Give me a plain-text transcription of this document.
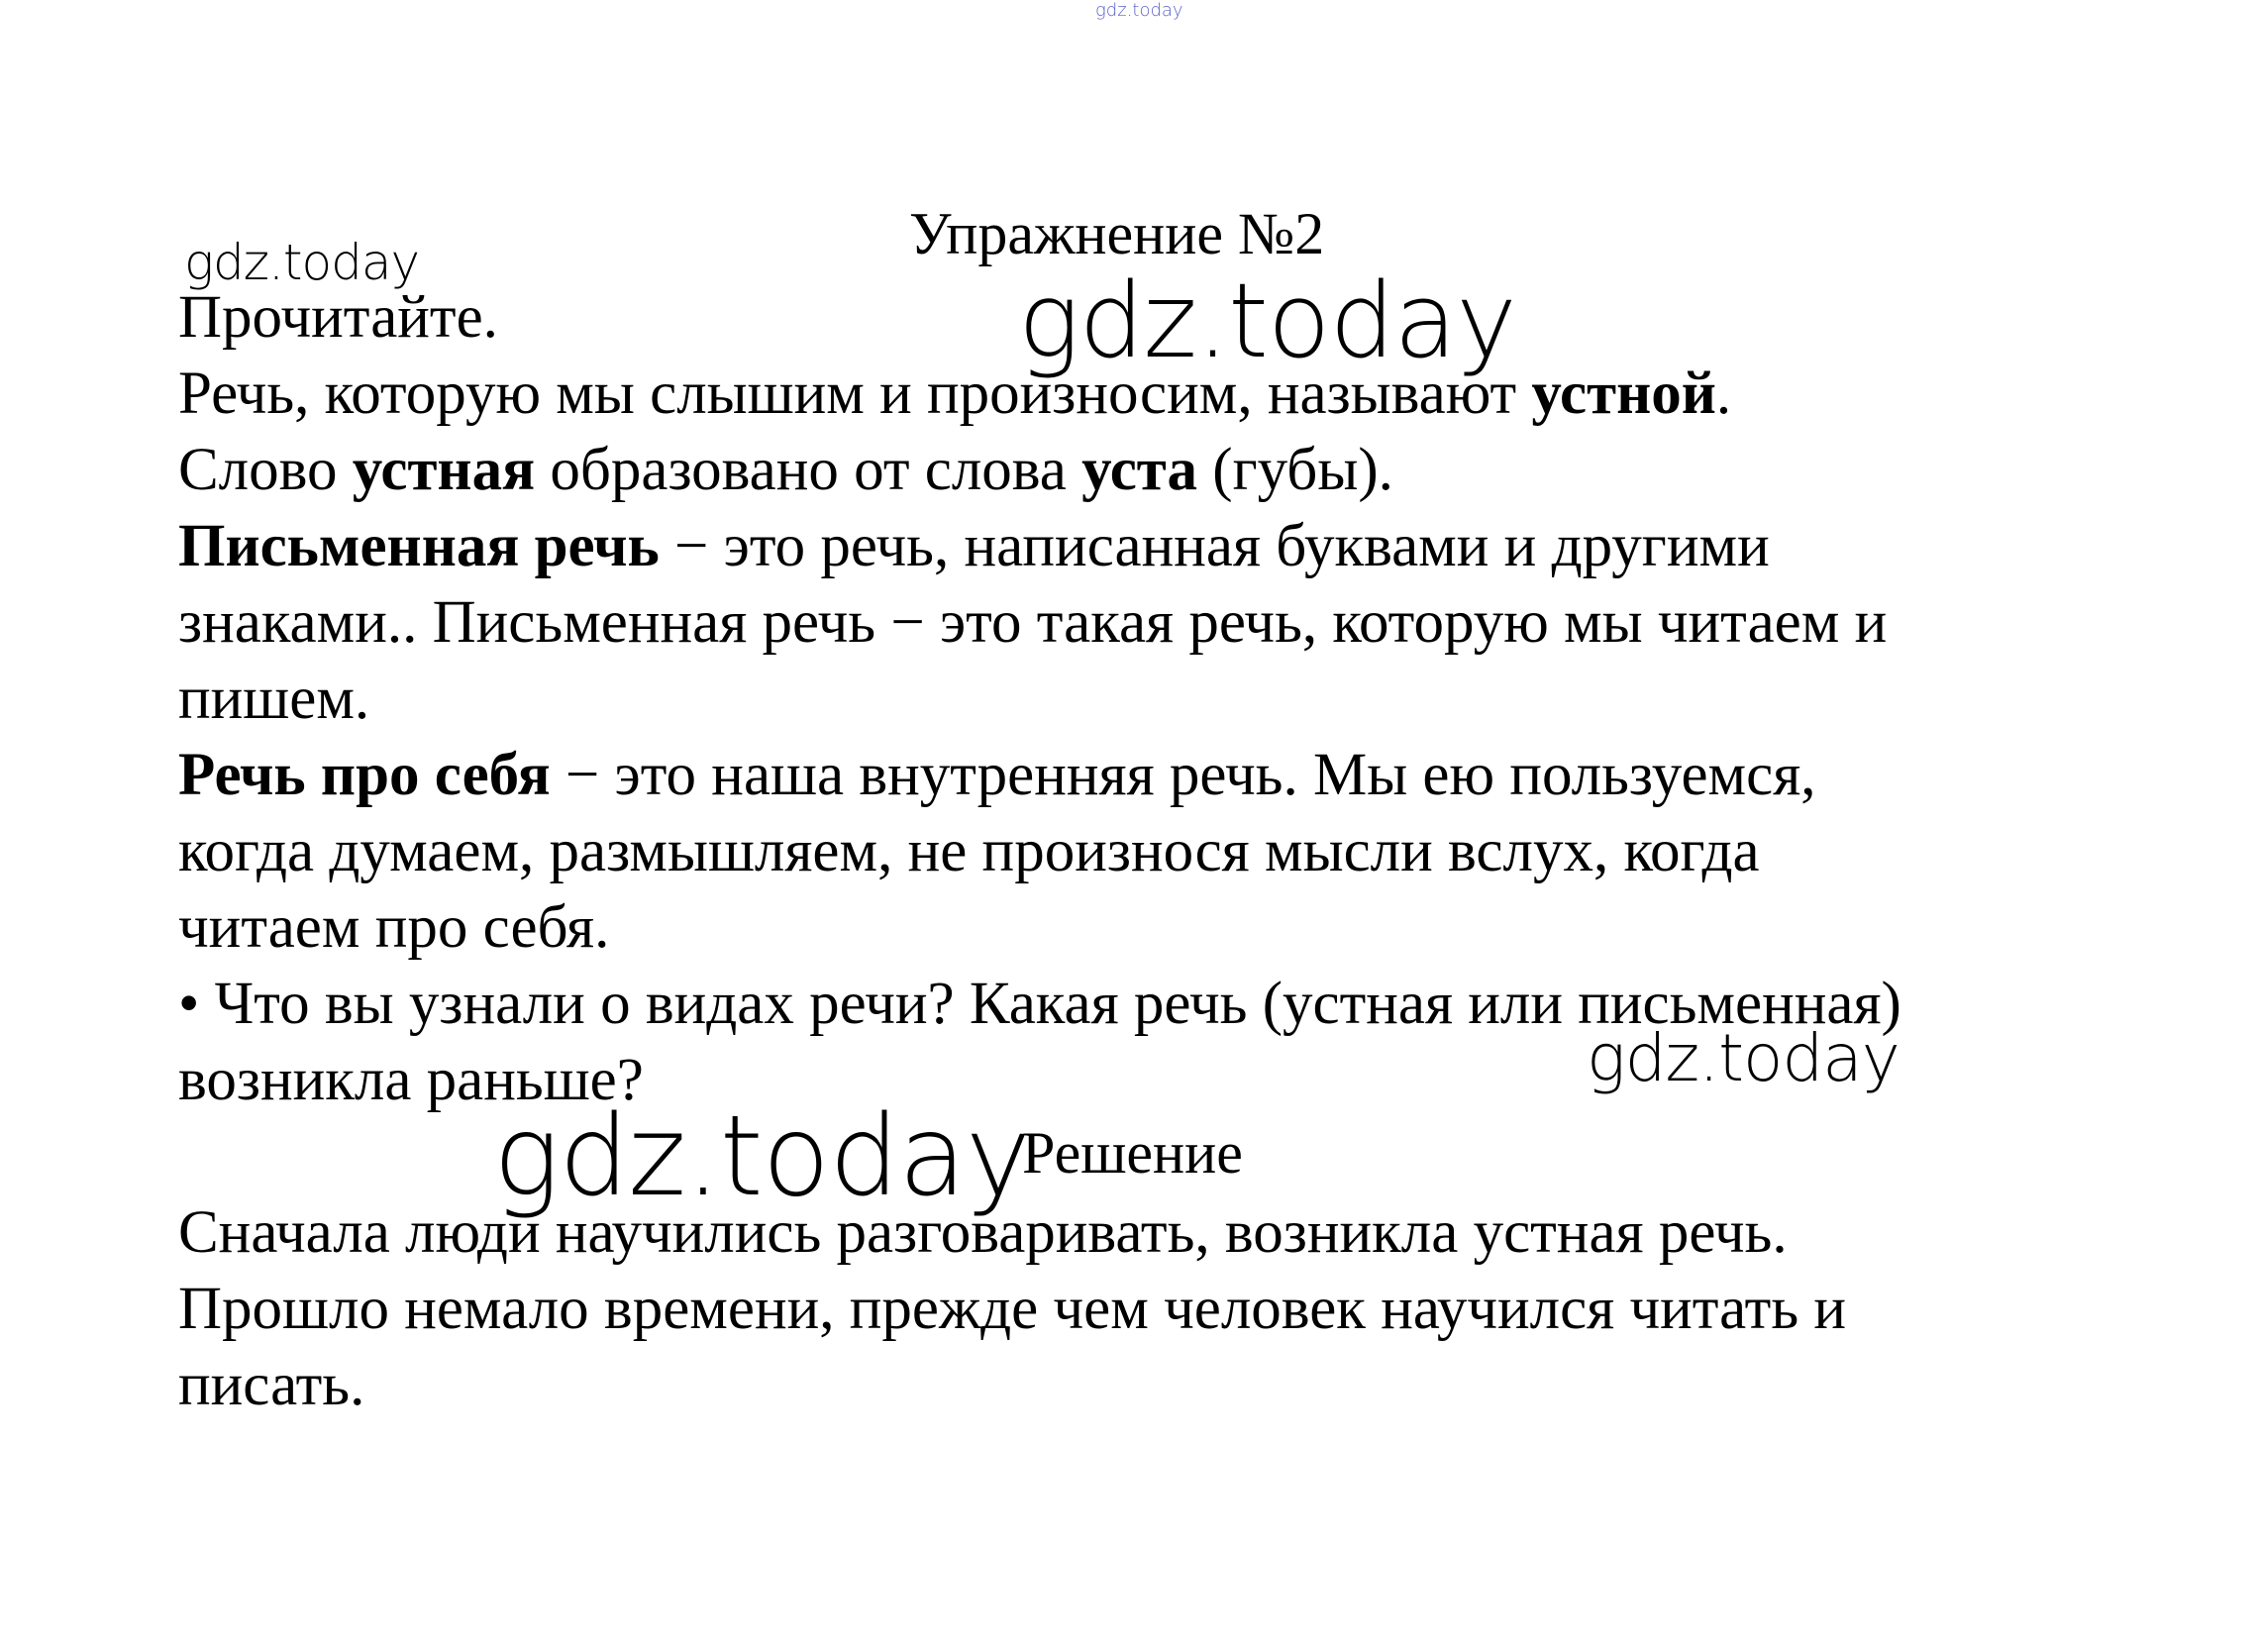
gdz.today
Упражнение №2
gdz.today

Прочитайте.

Речь, которую мы слышим и произносим, называют устной.

Слово устная образовано от слова уста (губы).

Письменная речь − это речь, написанная буквами и другими

знаками.. Письменная речь − это такая речь, которую мы читаем и

пишем.

Речь про себя − это наша внутренняя речь. Мы ею пользуемся,

когда думаем, размышляем, не произнося мысли вслух, когда

читаем про себя.

• Что вы узнали о видах речи? Какая речь (устная или письменная)

возникла раньше?

gdz.today
gdz.today
gdz.today
Решение

Сначала люди научились разговаривать, возникла устная речь.

Прошло немало времени, прежде чем человек научился читать и

писать.
